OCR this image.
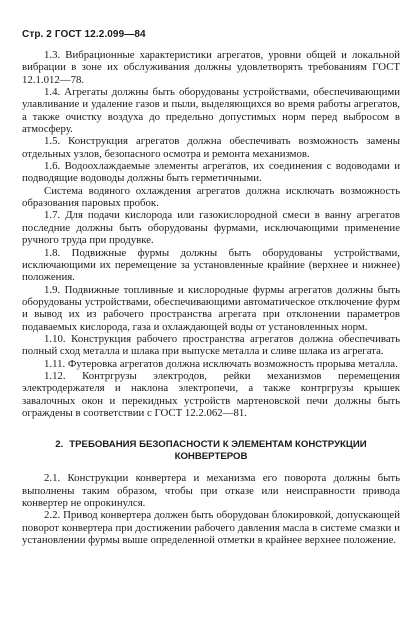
Стр. 2 ГОСТ 12.2.099—84

1.3. Вибрационные характеристики агрегатов, уровни общей и локальной вибрации в зоне их обслуживания должны удовлетворять требованиям ГОСТ 12.1.012—78.

1.4. Агрегаты должны быть оборудованы устройствами, обеспечивающими улавливание и удаление газов и пыли, выделяющихся во время работы агрегатов, а также очистку воздуха до предельно допустимых норм перед выбросом в атмосферу.

1.5. Конструкция агрегатов должна обеспечивать возможность замены отдельных узлов, безопасного осмотра и ремонта механизмов.

1.6. Водоохлаждаемые элементы агрегатов, их соединения с водоводами и подводящие водоводы должны быть герметичными.

Система водяного охлаждения агрегатов должна исключать возможность образования паровых пробок.

1.7. Для подачи кислорода или газокислородной смеси в ванну агрегатов последние должны быть оборудованы фурмами, исключающими применение ручного труда при продувке.

1.8. Подвижные фурмы должны быть оборудованы устройствами, исключающими их перемещение за установленные крайние (верхнее и нижнее) положения.

1.9. Подвижные топливные и кислородные фурмы агрегатов должны быть оборудованы устройствами, обеспечивающими автоматическое отключение фурм и вывод их из рабочего пространства агрегата при отклонении параметров подаваемых кислорода, газа и охлаждающей воды от установленных норм.

1.10. Конструкция рабочего пространства агрегатов должна обеспечивать полный сход металла и шлака при выпуске металла и сливе шлака из агрегата.

1.11. Футеровка агрегатов должна исключать возможность прорыва металла.

1.12. Контргрузы электродов, рейки механизмов перемещения электродержателя и наклона электропечи, а также контргрузы крышек завалочных окон и перекидных устройств мартеновской печи должны быть ограждены в соответствии с ГОСТ 12.2.062—81.

2. ТРЕБОВАНИЯ БЕЗОПАСНОСТИ К ЭЛЕМЕНТАМ КОНСТРУКЦИИ
КОНВЕРТЕРОВ

2.1. Конструкции конвертера и механизма его поворота должны быть выполнены таким образом, чтобы при отказе или неисправности привода конвертер не опрокинулся.

2.2. Привод конвертера должен быть оборудован блокировкой, допускающей поворот конвертера при достижении рабочего давления масла в системе смазки и установлении фурмы выше определенной отметки в крайнее верхнее положение.
